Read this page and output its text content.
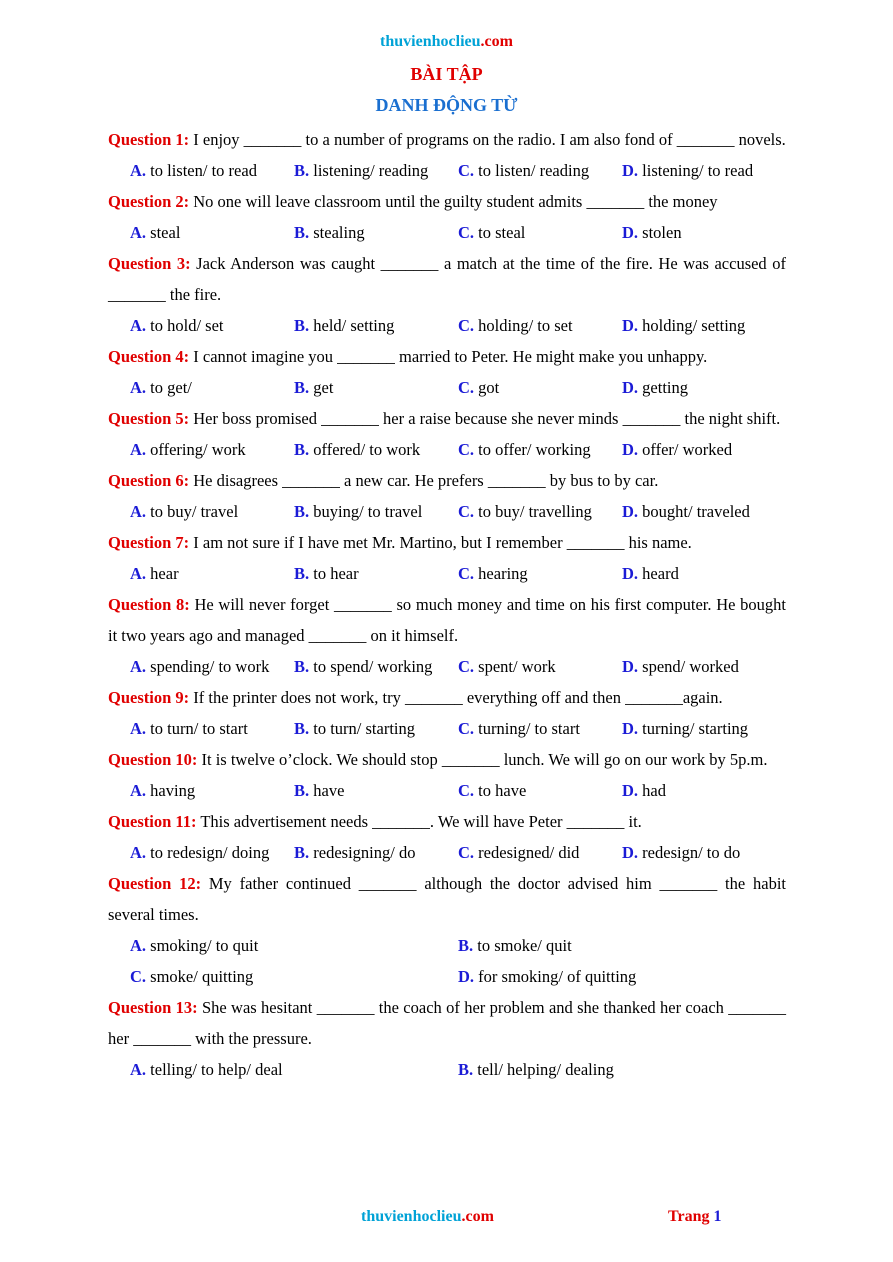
thuvienhoclieu.com
BÀI TẬP
DANH ĐỘNG TỪ
Question 1: I enjoy _______ to a number of programs on the radio. I am also fond of _______ novels.
A. to listen/ to read	B. listening/ reading	C. to listen/ reading	D. listening/ to read
Question 2: No one will leave classroom until the guilty student admits _______ the money
A. steal	B. stealing	C. to steal	D. stolen
Question 3: Jack Anderson was caught _______ a match at the time of the fire. He was accused of _______ the fire.
A. to hold/ set	B. held/ setting	C. holding/ to set	D. holding/ setting
Question 4: I cannot imagine you _______ married to Peter. He might make you unhappy.
A. to get/	B. get	C. got	D. getting
Question 5: Her boss promised _______ her a raise because she never minds _______ the night shift.
A. offering/ work	B. offered/ to work	C. to offer/ working	D. offer/ worked
Question 6: He disagrees _______ a new car. He prefers _______ by bus to by car.
A. to buy/ travel	B. buying/ to travel	C. to buy/ travelling	D. bought/ traveled
Question 7: I am not sure if I have met Mr. Martino, but I remember _______ his name.
A. hear	B. to hear	C. hearing	D. heard
Question 8: He will never forget _______ so much money and time on his first computer. He bought it two years ago and managed _______ on it himself.
A. spending/ to work	B. to spend/ working	C. spent/ work	D. spend/ worked
Question 9: If the printer does not work, try _______ everything off and then _______again.
A. to turn/ to start	B. to turn/ starting	C. turning/ to start	D. turning/ starting
Question 10: It is twelve o’clock. We should stop _______ lunch. We will go on our work by 5p.m.
A. having	B. have	C. to have	D. had
Question 11: This advertisement needs _______. We will have Peter _______ it.
A. to redesign/ doing	B. redesigning/ do	C. redesigned/ did	D. redesign/ to do
Question 12: My father continued _______ although the doctor advised him _______ the habit several times.
A. smoking/ to quit	B. to smoke/ quit
C. smoke/ quitting	D. for smoking/ of quitting
Question 13: She was hesitant _______ the coach of her problem and she thanked her coach _______ her _______ with the pressure.
A. telling/ to help/ deal	B. tell/ helping/ dealing
thuvienhoclieu.com	Trang 1
